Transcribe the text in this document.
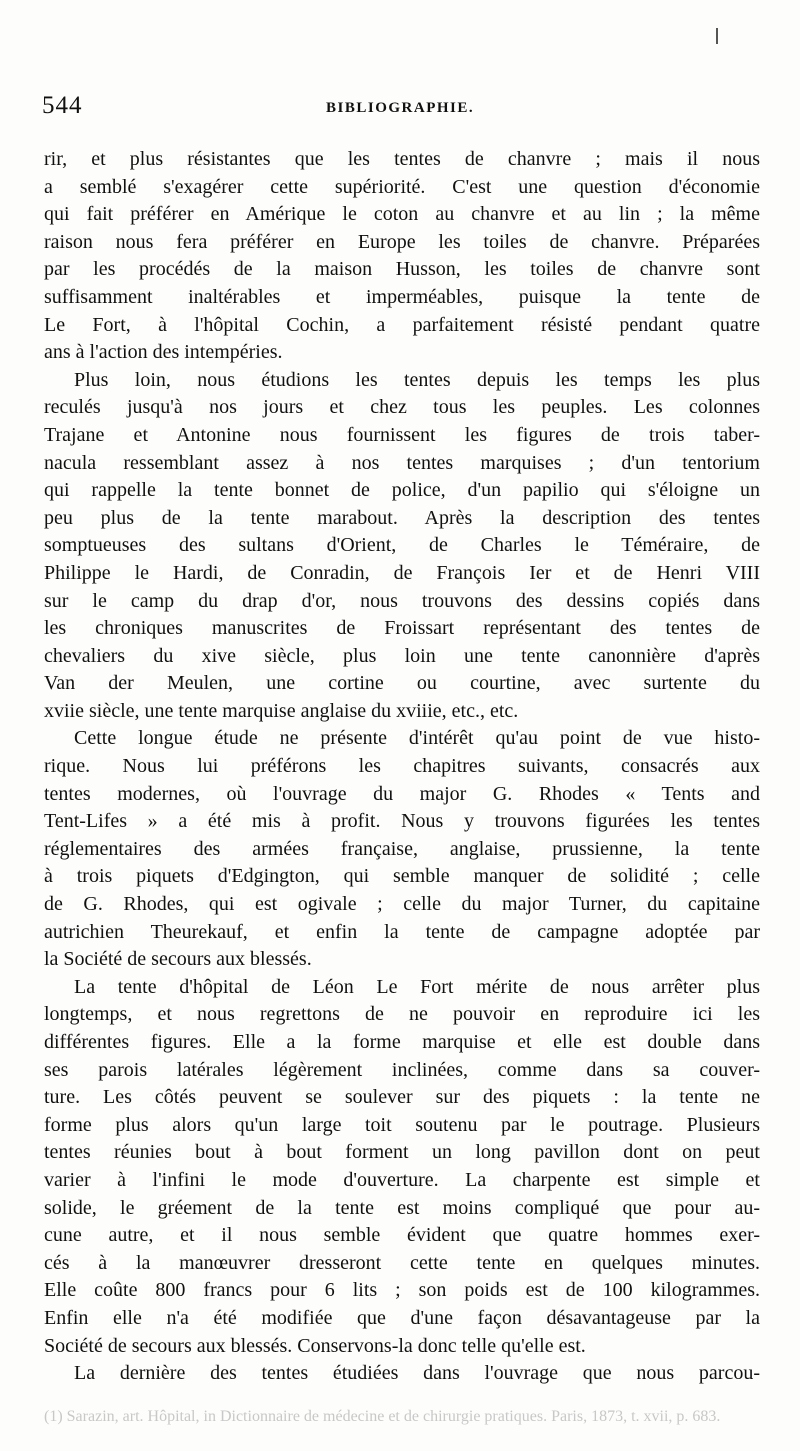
544	BIBLIOGRAPHIE.
rir, et plus résistantes que les tentes de chanvre ; mais il nous
a semblé s'exagérer cette supériorité. C'est une question d'économie
qui fait préférer en Amérique le coton au chanvre et au lin ; la même
raison nous fera préférer en Europe les toiles de chanvre. Préparées
par les procédés de la maison Husson, les toiles de chanvre sont
suffisamment inaltérables et imperméables, puisque la tente de
Le Fort, à l'hôpital Cochin, a parfaitement résisté pendant quatre
ans à l'action des intempéries.
Plus loin, nous étudions les tentes depuis les temps les plus
reculés jusqu'à nos jours et chez tous les peuples. Les colonnes
Trajane et Antonine nous fournissent les figures de trois taber-
nacula ressemblant assez à nos tentes marquises ; d'un tentorium
qui rappelle la tente bonnet de police, d'un papilio qui s'éloigne un
peu plus de la tente marabout. Après la description des tentes
somptueuses des sultans d'Orient, de Charles le Téméraire, de
Philippe le Hardi, de Conradin, de François Ier et de Henri VIII
sur le camp du drap d'or, nous trouvons des dessins copiés dans
les chroniques manuscrites de Froissart représentant des tentes de
chevaliers du xive siècle, plus loin une tente canonnière d'après
Van der Meulen, une cortine ou courtine, avec surtente du
xviie siècle, une tente marquise anglaise du xviiie, etc., etc.
Cette longue étude ne présente d'intérêt qu'au point de vue histo-
rique. Nous lui préférons les chapitres suivants, consacrés aux
tentes modernes, où l'ouvrage du major G. Rhodes « Tents and
Tent-Lifes » a été mis à profit. Nous y trouvons figurées les tentes
réglementaires des armées française, anglaise, prussienne, la tente
à trois piquets d'Edgington, qui semble manquer de solidité ; celle
de G. Rhodes, qui est ogivale ; celle du major Turner, du capitaine
autrichien Theurekauf, et enfin la tente de campagne adoptée par
la Société de secours aux blessés.
La tente d'hôpital de Léon Le Fort mérite de nous arrêter plus
longtemps, et nous regrettons de ne pouvoir en reproduire ici les
différentes figures. Elle a la forme marquise et elle est double dans
ses parois latérales légèrement inclinées, comme dans sa couver-
ture. Les côtés peuvent se soulever sur des piquets : la tente ne
forme plus alors qu'un large toit soutenu par le poutrage. Plusieurs
tentes réunies bout à bout forment un long pavillon dont on peut
varier à l'infini le mode d'ouverture. La charpente est simple et
solide, le gréement de la tente est moins compliqué que pour au-
cune autre, et il nous semble évident que quatre hommes exer-
cés à la manœuvrer dresseront cette tente en quelques minutes.
Elle coûte 800 francs pour 6 lits ; son poids est de 100 kilogrammes.
Enfin elle n'a été modifiée que d'une façon désavantageuse par la
Société de secours aux blessés. Conservons-la donc telle qu'elle est.
La dernière des tentes étudiées dans l'ouvrage que nous parcou-
(1) Sarazin, art. Hôpital, in Dictionnaire de médecine et de chirurgie pratiques. Paris, 1873, t. xvii, p. 683.
